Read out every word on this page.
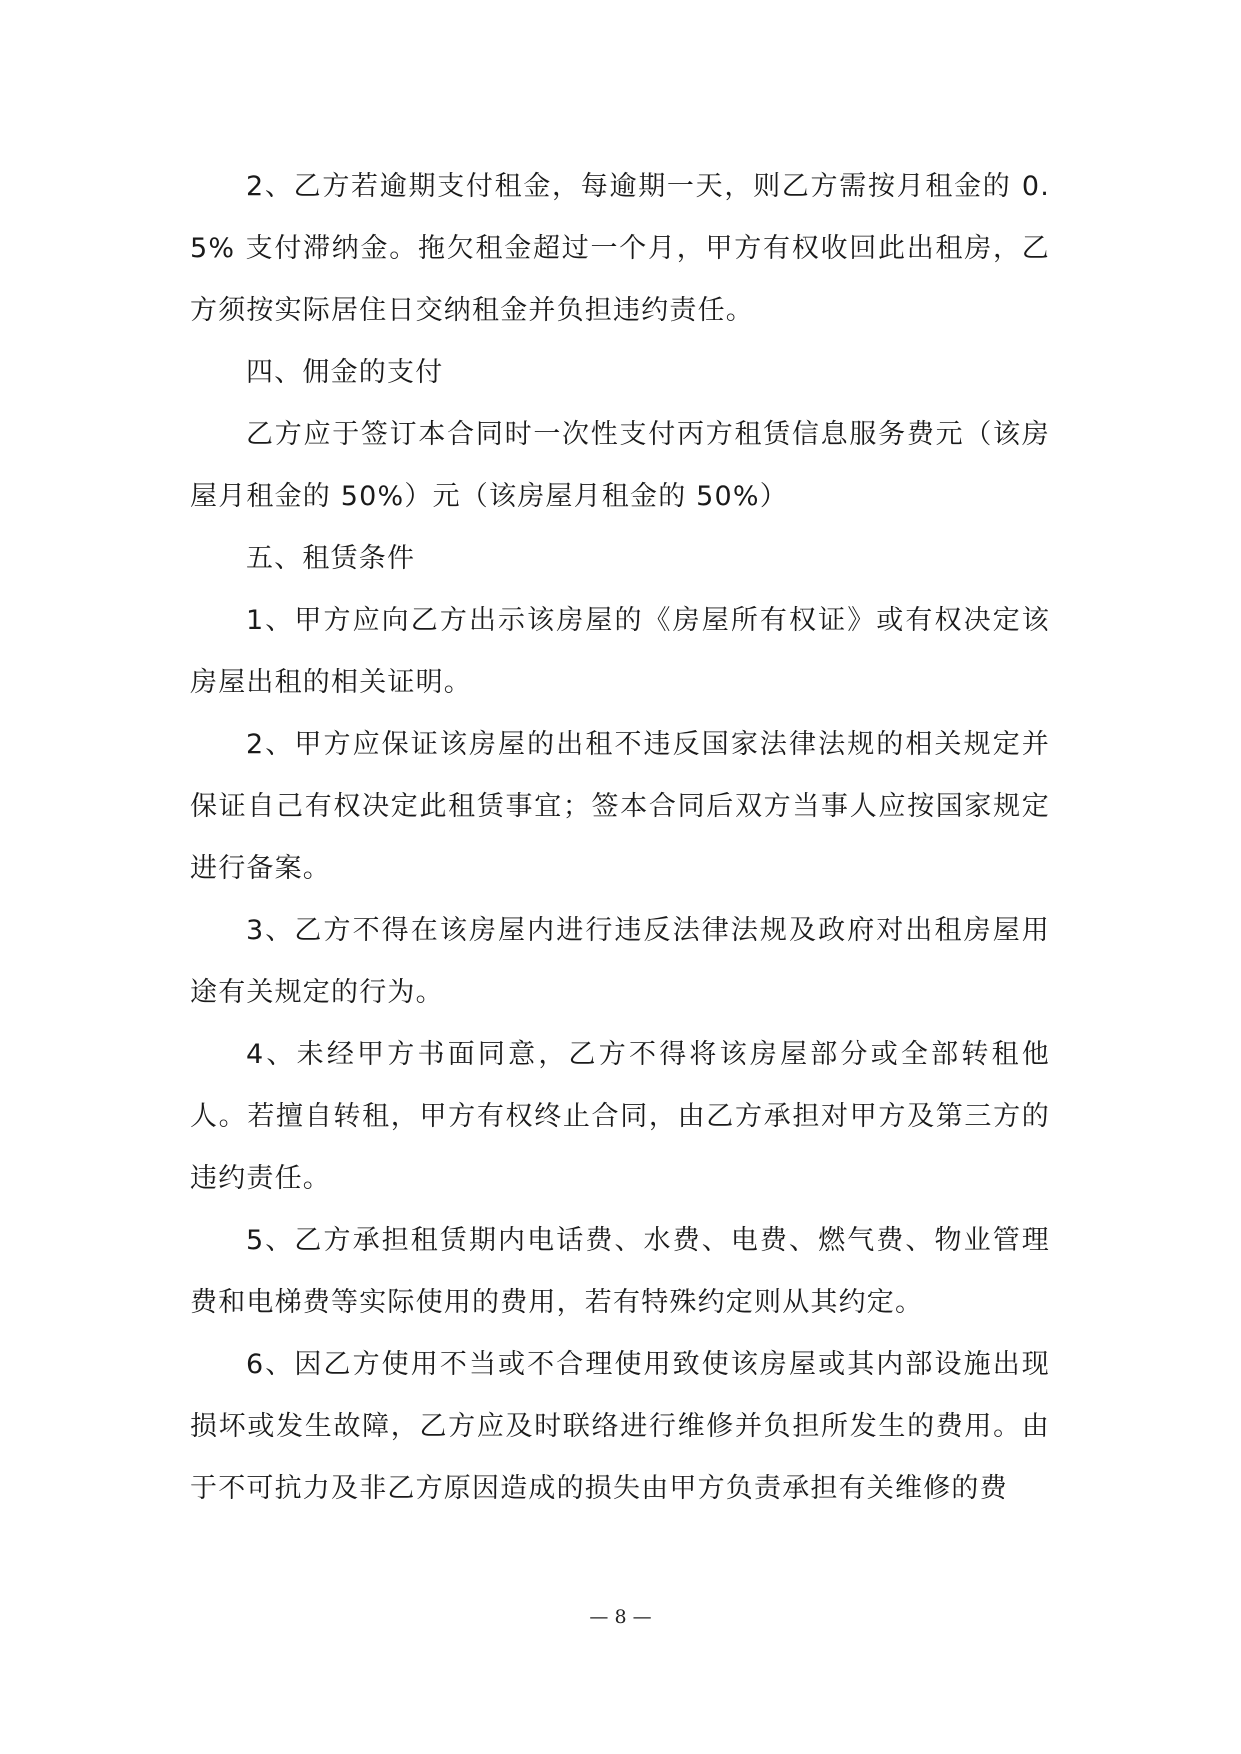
2、乙方若逾期支付租金，每逾期一天，则乙方需按月租金的 0.5% 支付滞纳金。拖欠租金超过一个月，甲方有权收回此出租房，乙方须按实际居住日交纳租金并负担违约责任。

四、佣金的支付

乙方应于签订本合同时一次性支付丙方租赁信息服务费元（该房屋月租金的 50%）元（该房屋月租金的 50%）

五、租赁条件

1、甲方应向乙方出示该房屋的《房屋所有权证》或有权决定该房屋出租的相关证明。

2、甲方应保证该房屋的出租不违反国家法律法规的相关规定并保证自己有权决定此租赁事宜；签本合同后双方当事人应按国家规定进行备案。

3、乙方不得在该房屋内进行违反法律法规及政府对出租房屋用途有关规定的行为。

4、未经甲方书面同意，乙方不得将该房屋部分或全部转租他人。若擅自转租，甲方有权终止合同，由乙方承担对甲方及第三方的违约责任。

5、乙方承担租赁期内电话费、水费、电费、燃气费、物业管理费和电梯费等实际使用的费用，若有特殊约定则从其约定。

6、因乙方使用不当或不合理使用致使该房屋或其内部设施出现损坏或发生故障，乙方应及时联络进行维修并负担所发生的费用。由于不可抗力及非乙方原因造成的损失由甲方负责承担有关维修的费

— 8 —
